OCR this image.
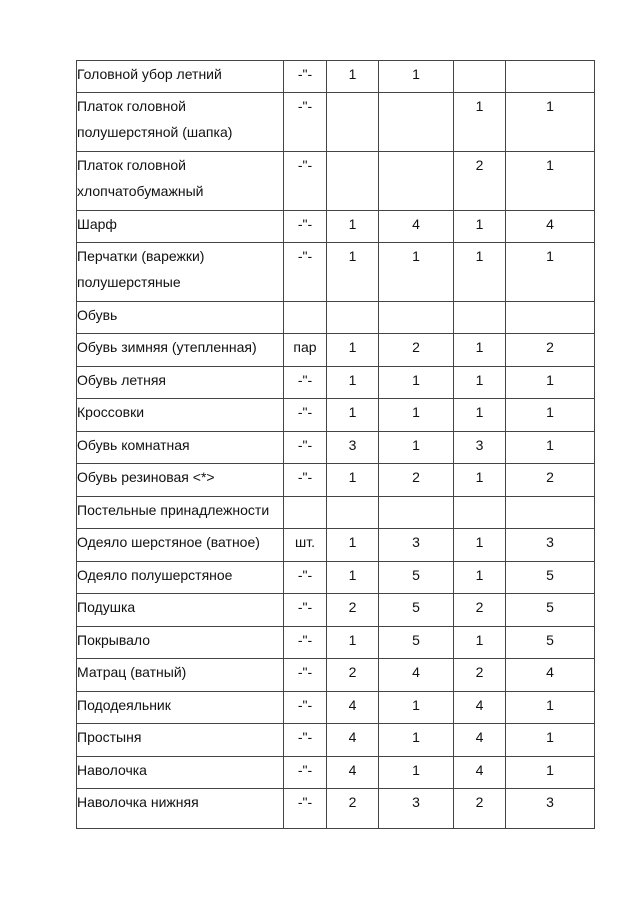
Головной убор летний	-"-	1	1		
Платок головной полушерстяной (шапка)	-"-			1	1
Платок головной хлопчатобумажный	-"-			2	1
Шарф	-"-	1	4	1	4
Перчатки (варежки) полушерстяные	-"-	1	1	1	1
Обувь					
Обувь зимняя (утепленная)	пар	1	2	1	2
Обувь летняя	-"-	1	1	1	1
Кроссовки	-"-	1	1	1	1
Обувь комнатная	-"-	3	1	3	1
Обувь резиновая <*>	-"-	1	2	1	2
Постельные принадлежности					
Одеяло шерстяное (ватное)	шт.	1	3	1	3
Одеяло полушерстяное	-"-	1	5	1	5
Подушка	-"-	2	5	2	5
Покрывало	-"-	1	5	1	5
Матрац (ватный)	-"-	2	4	2	4
Пододеяльник	-"-	4	1	4	1
Простыня	-"-	4	1	4	1
Наволочка	-"-	4	1	4	1
Наволочка нижняя	-"-	2	3	2	3
